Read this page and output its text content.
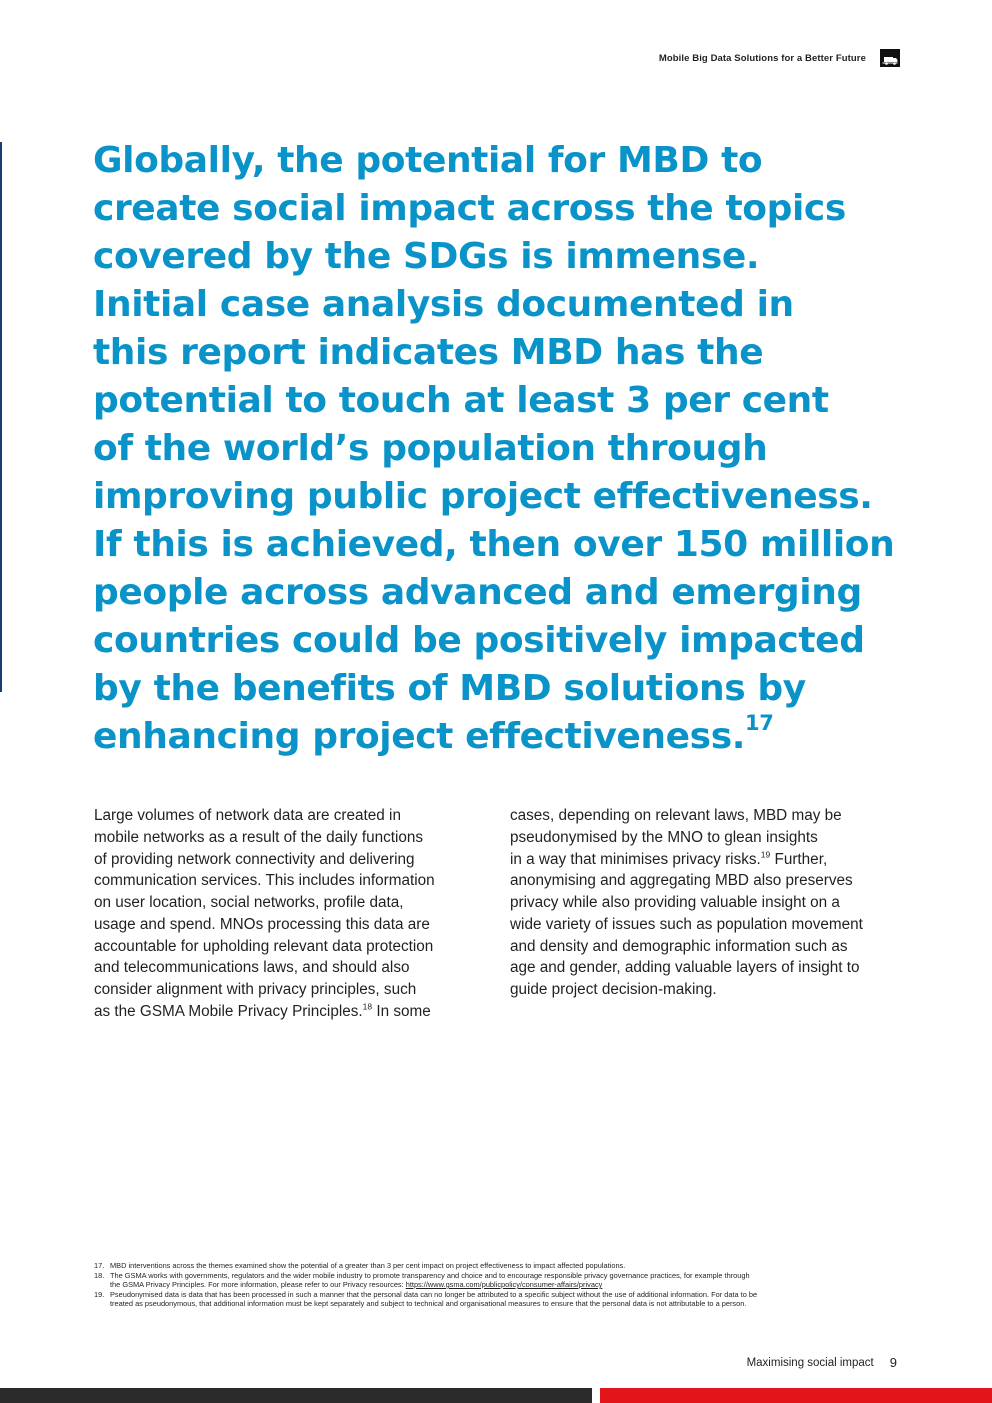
Mobile Big Data Solutions for a Better Future
Globally, the potential for MBD to
create social impact across the topics
covered by the SDGs is immense.
Initial case analysis documented in
this report indicates MBD has the
potential to touch at least 3 per cent
of the world’s population through
improving public project effectiveness.
If this is achieved, then over 150 million
people across advanced and emerging
countries could be positively impacted
by the benefits of MBD solutions by
enhancing project effectiveness.$^{17}$

Large volumes of network data are created in
mobile networks as a result of the daily functions
of providing network connectivity and delivering
communication services. This includes information
on user location, social networks, profile data,
usage and spend. MNOs processing this data are
accountable for upholding relevant data protection
and telecommunications laws, and should also
consider alignment with privacy principles, such
as the GSMA Mobile Privacy Principles.$^{18}$ In some

cases, depending on relevant laws, MBD may be
pseudonymised by the MNO to glean insights
in a way that minimises privacy risks.$^{19}$ Further,
anonymising and aggregating MBD also preserves
privacy while also providing valuable insight on a
wide variety of issues such as population movement
and density and demographic information such as
age and gender, adding valuable layers of insight to
guide project decision-making.

17. MBD interventions across the themes examined show the potential of a greater than 3 per cent impact on project effectiveness to impact affected populations.
18. The GSMA works with governments, regulators and the wider mobile industry to promote transparency and choice and to encourage responsible privacy governance practices, for example through
the GSMA Privacy Principles. For more information, please refer to our Privacy resources: https://www.gsma.com/publicpolicy/consumer-affairs/privacy
19. Pseudonymised data is data that has been processed in such a manner that the personal data can no longer be attributed to a specific subject without the use of additional information. For data to be
treated as pseudonymous, that additional information must be kept separately and subject to technical and organisational measures to ensure that the personal data is not attributable to a person.
Maximising social impact 9
